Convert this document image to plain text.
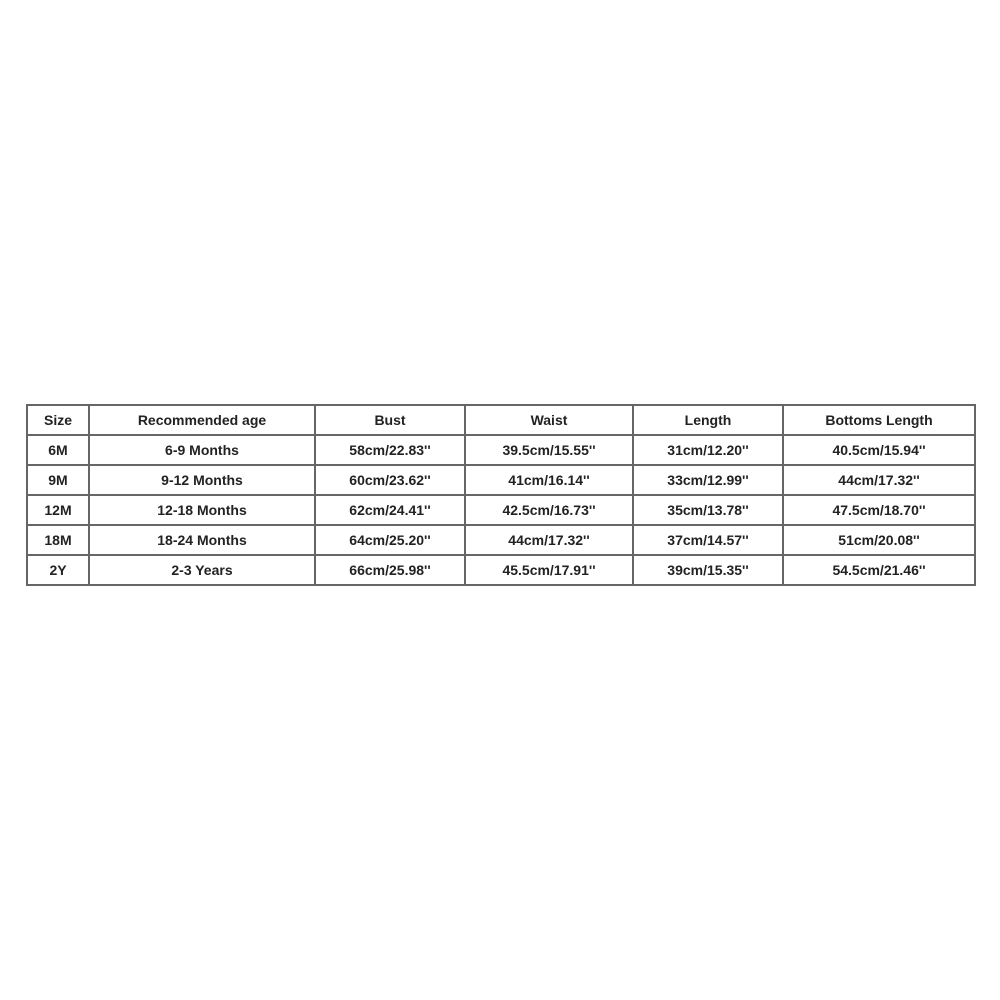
Size	Recommended age	Bust	Waist	Length	Bottoms Length
6M	6-9 Months	58cm/22.83''	39.5cm/15.55''	31cm/12.20''	40.5cm/15.94''
9M	9-12 Months	60cm/23.62''	41cm/16.14''	33cm/12.99''	44cm/17.32''
12M	12-18 Months	62cm/24.41''	42.5cm/16.73''	35cm/13.78''	47.5cm/18.70''
18M	18-24 Months	64cm/25.20''	44cm/17.32''	37cm/14.57''	51cm/20.08''
2Y	2-3 Years	66cm/25.98''	45.5cm/17.91''	39cm/15.35''	54.5cm/21.46''
